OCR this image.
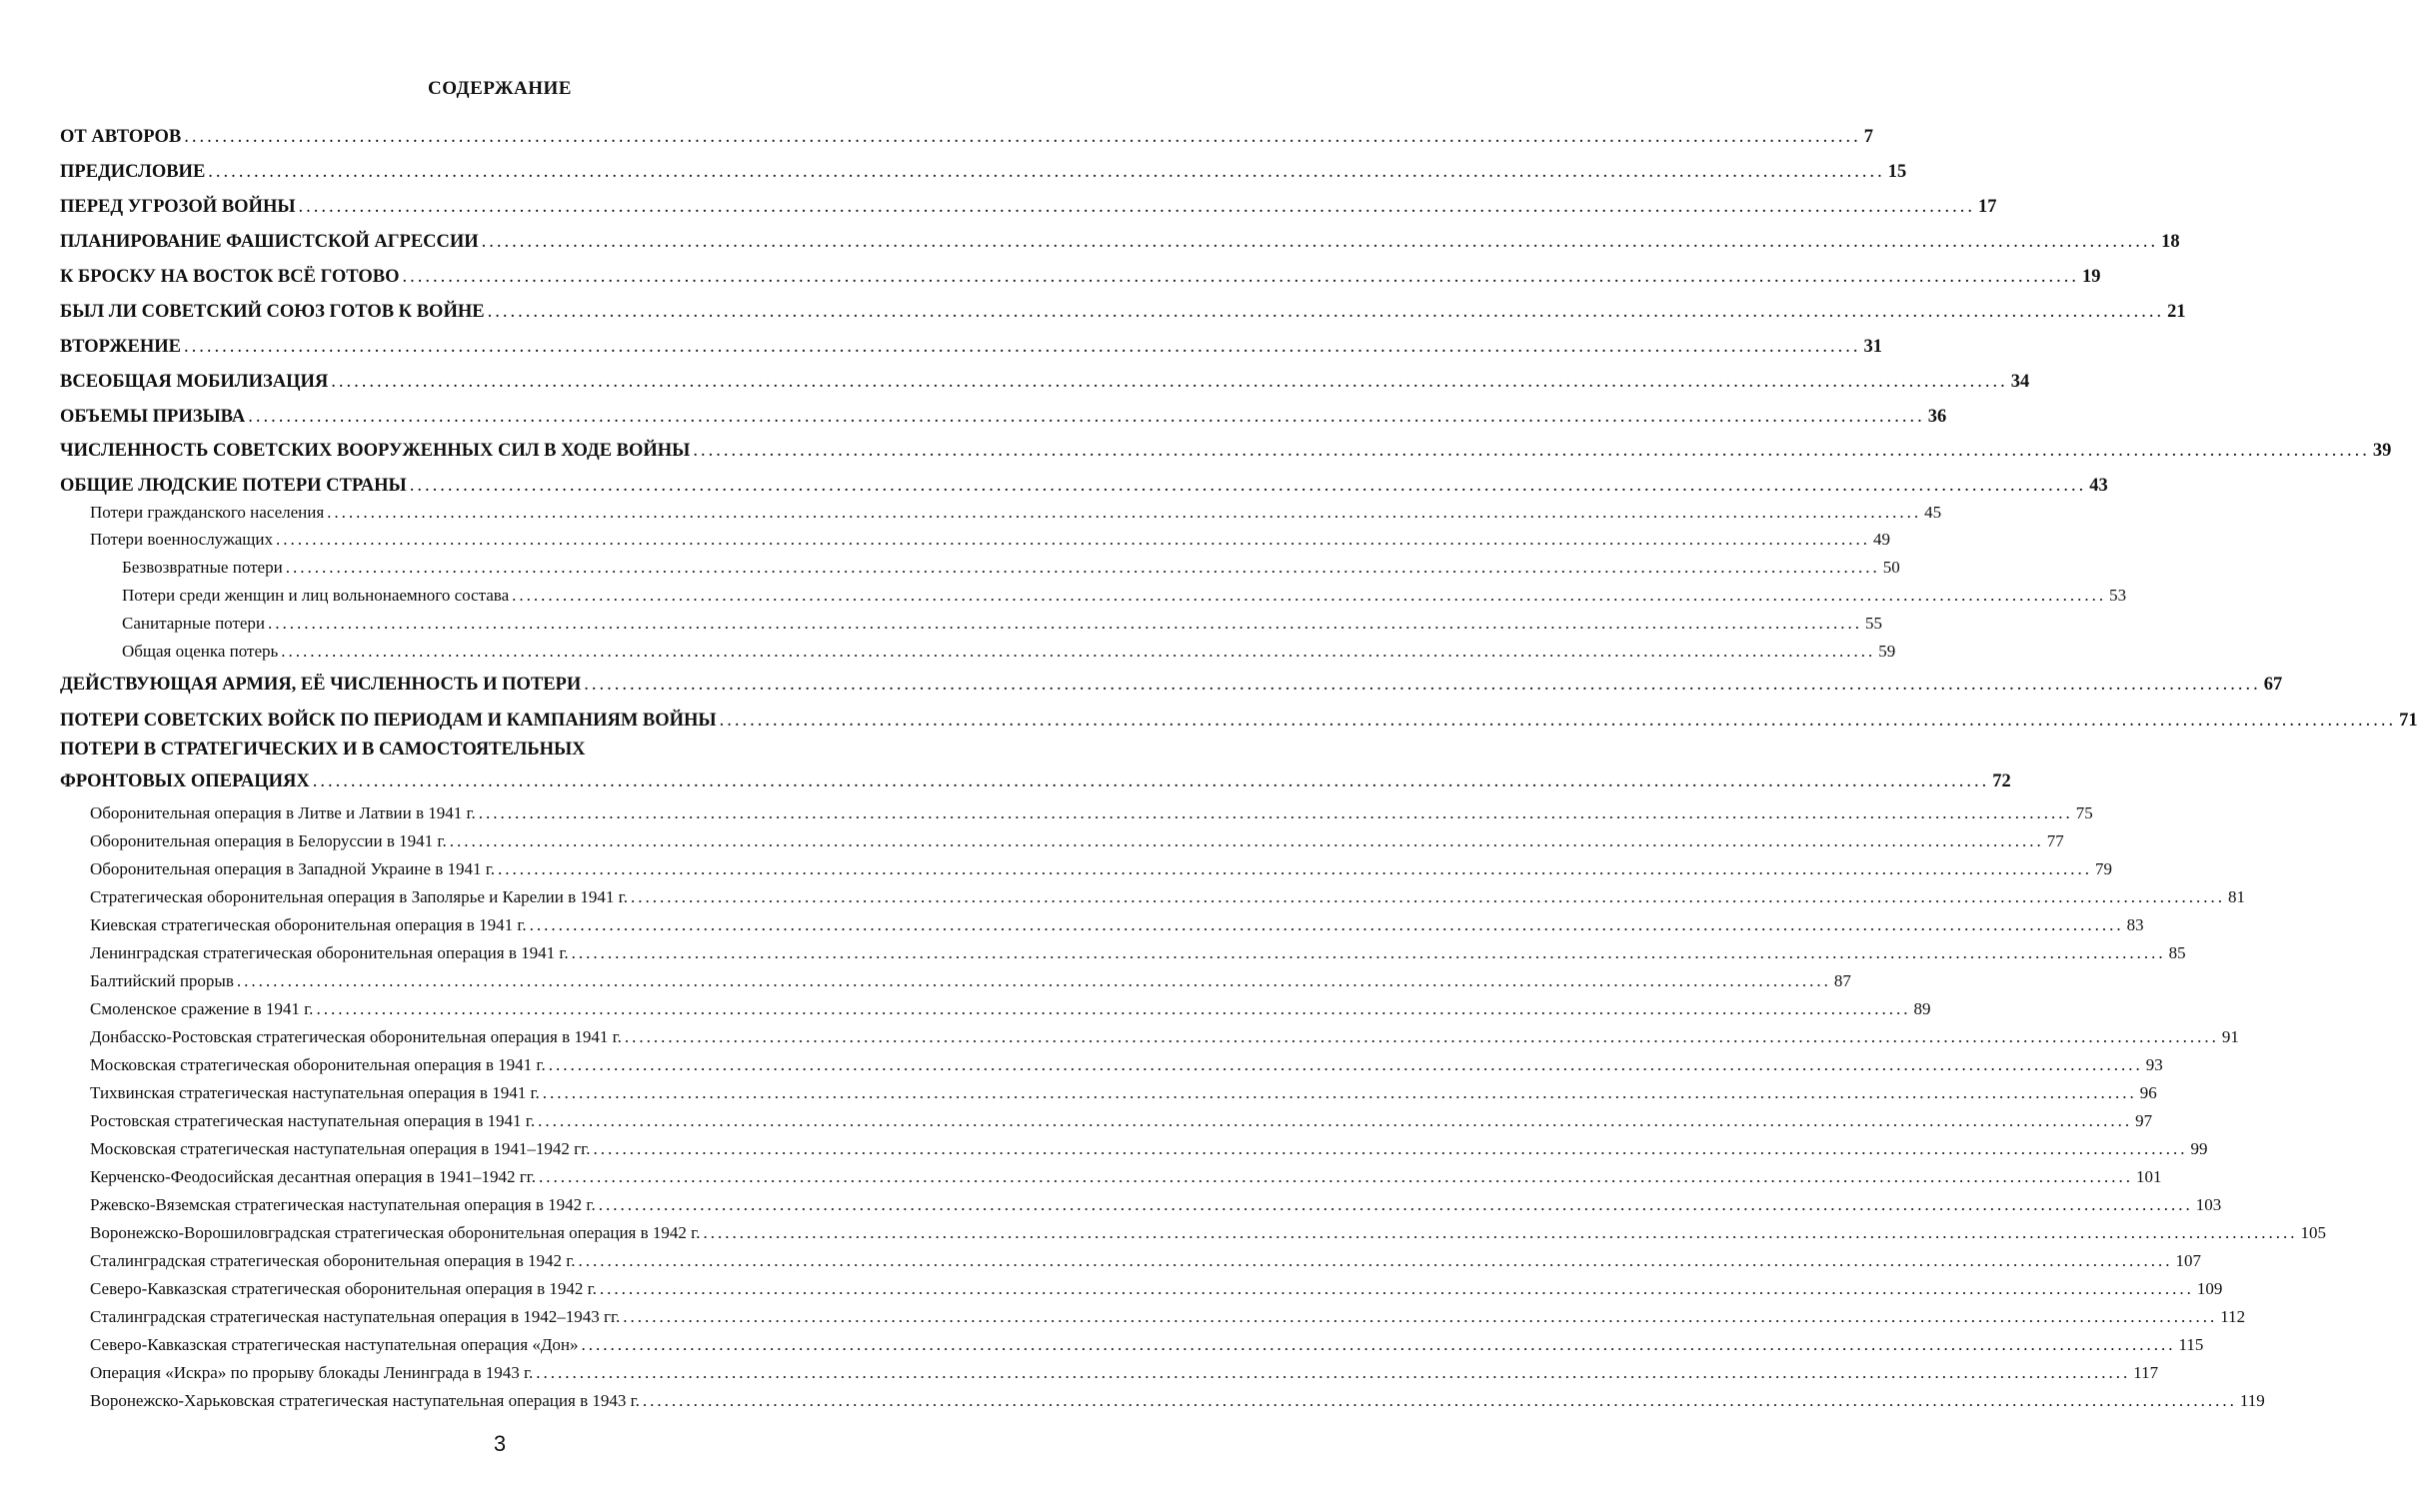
СОДЕРЖАНИЕ
ОТ АВТОРОВ ............................................................................................................................................................................................................................ 7
ПРЕДИСЛОВИЕ ............................................................................................................................................................................................................................ 15
ПЕРЕД УГРОЗОЙ ВОЙНЫ ............................................................................................................................................................................................................................ 17
ПЛАНИРОВАНИЕ ФАШИСТСКОЙ АГРЕССИИ ............................................................................................................................................................................................................................ 18
К БРОСКУ НА ВОСТОК ВСЁ ГОТОВО ............................................................................................................................................................................................................................ 19
БЫЛ ЛИ СОВЕТСКИЙ СОЮЗ ГОТОВ К ВОЙНЕ ............................................................................................................................................................................................................................ 21
ВТОРЖЕНИЕ ............................................................................................................................................................................................................................ 31
ВСЕОБЩАЯ МОБИЛИЗАЦИЯ ............................................................................................................................................................................................................................ 34
ОБЪЕМЫ ПРИЗЫВА ............................................................................................................................................................................................................................ 36
ЧИСЛЕННОСТЬ СОВЕТСКИХ ВООРУЖЕННЫХ СИЛ В ХОДЕ ВОЙНЫ ............................................................................................................................................................................................................................ 39
ОБЩИЕ ЛЮДСКИЕ ПОТЕРИ СТРАНЫ ............................................................................................................................................................................................................................ 43
Потери гражданского населения ............................................................................................................................................................................................................................ 45
Потери военнослужащих ............................................................................................................................................................................................................................ 49
Безвозвратные потери ............................................................................................................................................................................................................................ 50
Потери среди женщин и лиц вольнонаемного состава ............................................................................................................................................................................................................................ 53
Санитарные потери ............................................................................................................................................................................................................................ 55
Общая оценка потерь ............................................................................................................................................................................................................................ 59
ДЕЙСТВУЮЩАЯ АРМИЯ, ЕЁ ЧИСЛЕННОСТЬ И ПОТЕРИ ............................................................................................................................................................................................................................ 67
ПОТЕРИ СОВЕТСКИХ ВОЙСК ПО ПЕРИОДАМ И КАМПАНИЯМ ВОЙНЫ ............................................................................................................................................................................................................................ 71
ПОТЕРИ В СТРАТЕГИЧЕСКИХ И В САМОСТОЯТЕЛЬНЫХ
ФРОНТОВЫХ ОПЕРАЦИЯХ ............................................................................................................................................................................................................................ 72
Оборонительная операция в Литве и Латвии в 1941 г. ............................................................................................................................................................................................................................ 75
Оборонительная операция в Белоруссии в 1941 г. ............................................................................................................................................................................................................................ 77
Оборонительная операция в Западной Украине в 1941 г. ............................................................................................................................................................................................................................ 79
Стратегическая оборонительная операция в Заполярье и Карелии в 1941 г. ............................................................................................................................................................................................................................ 81
Киевская стратегическая оборонительная операция в 1941 г. ............................................................................................................................................................................................................................ 83
Ленинградская стратегическая оборонительная операция в 1941 г. ............................................................................................................................................................................................................................ 85
Балтийский прорыв ............................................................................................................................................................................................................................ 87
Смоленское сражение в 1941 г. ............................................................................................................................................................................................................................ 89
Донбасско-Ростовская стратегическая оборонительная операция в 1941 г. ............................................................................................................................................................................................................................ 91
Московская стратегическая оборонительная операция в 1941 г. ............................................................................................................................................................................................................................ 93
Тихвинская стратегическая наступательная операция в 1941 г. ............................................................................................................................................................................................................................ 96
Ростовская стратегическая наступательная операция в 1941 г. ............................................................................................................................................................................................................................ 97
Московская стратегическая наступательная операция в 1941–1942 гг. ............................................................................................................................................................................................................................ 99
Керченско-Феодосийская десантная операция в 1941–1942 гг. ............................................................................................................................................................................................................................ 101
Ржевско-Вяземская стратегическая наступательная операция в 1942 г. ............................................................................................................................................................................................................................ 103
Воронежско-Ворошиловградская стратегическая оборонительная операция в 1942 г. ............................................................................................................................................................................................................................ 105
Сталинградская стратегическая оборонительная операция в 1942 г. ............................................................................................................................................................................................................................ 107
Северо-Кавказская стратегическая оборонительная операция в 1942 г. ............................................................................................................................................................................................................................ 109
Сталинградская стратегическая наступательная операция в 1942–1943 гг. ............................................................................................................................................................................................................................ 112
Северо-Кавказская стратегическая наступательная операция «Дон» ............................................................................................................................................................................................................................ 115
Операция «Искра» по прорыву блокады Ленинграда в 1943 г. ............................................................................................................................................................................................................................ 117
Воронежско-Харьковская стратегическая наступательная операция в 1943 г. ............................................................................................................................................................................................................................ 119
3
